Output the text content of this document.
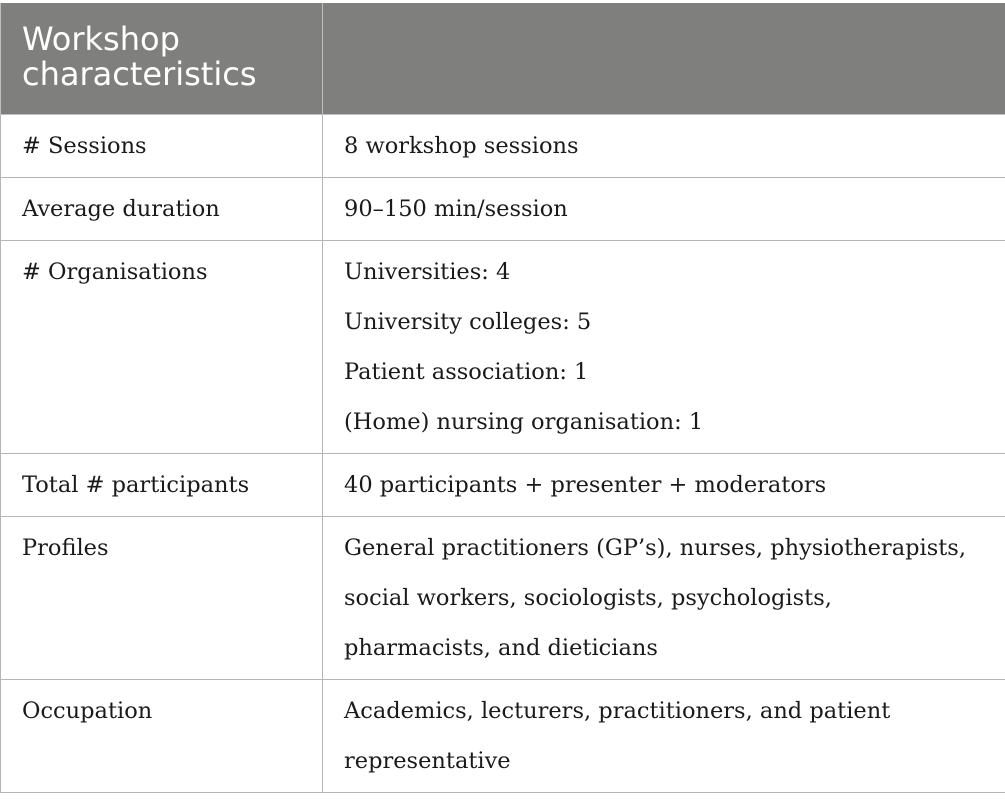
Workshop characteristics	

# Sessions	8 workshop sessions

Average duration	90–150 min/session

# Organisations	Universities: 4
University colleges: 5
Patient association: 1
(Home) nursing organisation: 1

Total # participants	40 participants + presenter + moderators

Profiles	General practitioners (GP’s), nurses, physiotherapists,
social workers, sociologists, psychologists,
pharmacists, and dieticians

Occupation	Academics, lecturers, practitioners, and patient
representative
